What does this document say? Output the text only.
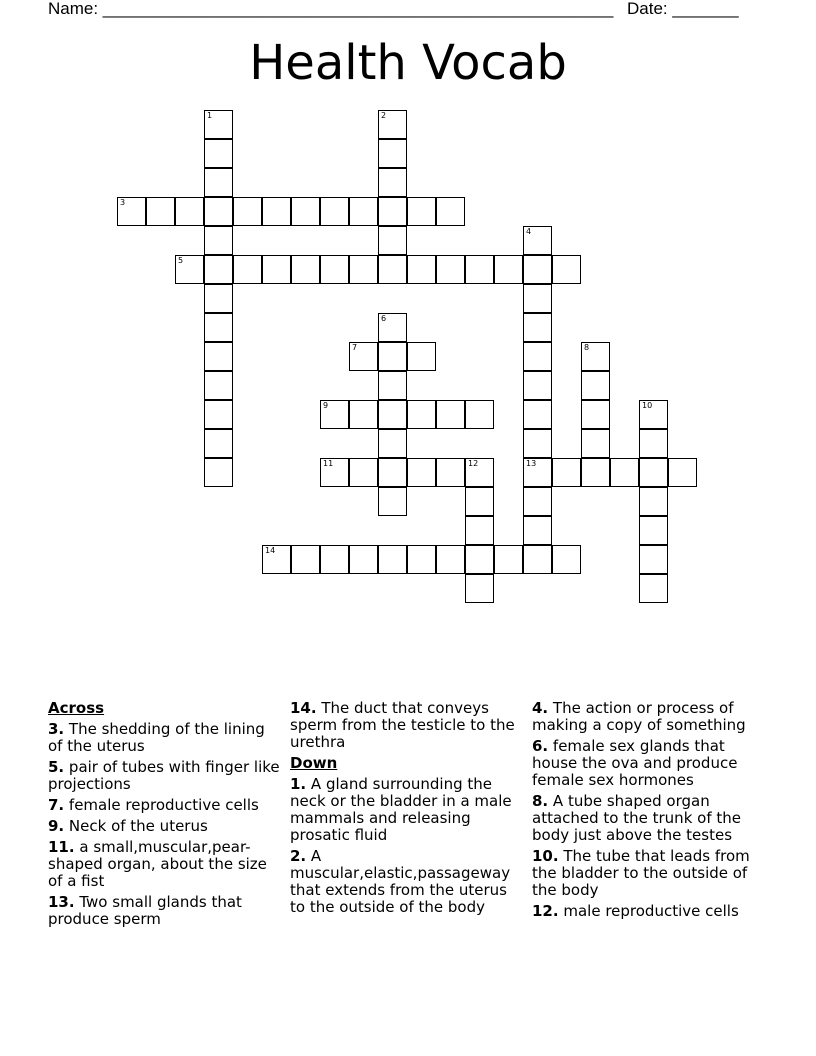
Name: ______________________________________________________ Date: _______
Health Vocab
1	2
3
4
13
5
6
7	8
9	10
11	12
14
Across
3. The shedding of the lining of the uterus
5. pair of tubes with finger like projections
7. female reproductive cells
9. Neck of the uterus
11. a small,muscular,pear-shaped organ, about the size of a fist
13. Two small glands that produce sperm
14. The duct that conveys sperm from the testicle to the urethra
Down
1. A gland surrounding the neck or the bladder in a male mammals and releasing prosatic fluid
2. A muscular,elastic,passageway that extends from the uterus to the outside of the body
4. The action or process of making a copy of something
6. female sex glands that house the ova and produce female sex hormones
8. A tube shaped organ attached to the trunk of the body just above the testes
10. The tube that leads from the bladder to the outside of the body
12. male reproductive cells
